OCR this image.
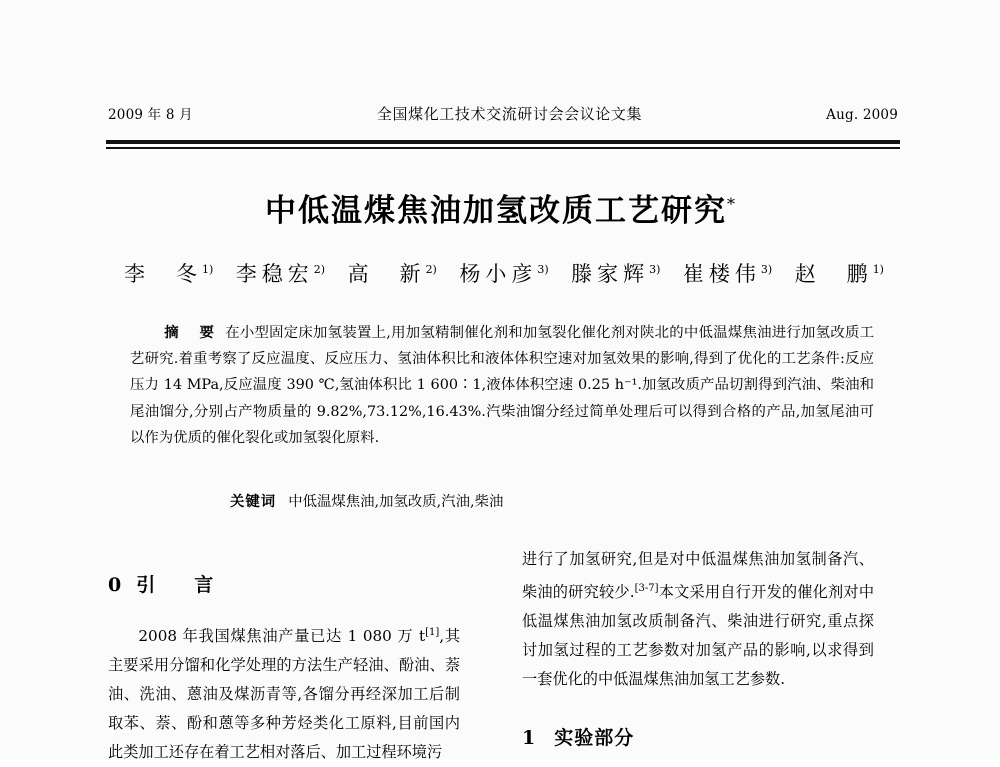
2009 年 8 月	全国煤化工技术交流研讨会会议论文集	Aug. 2009
中低温煤焦油加氢改质工艺研究*
李　冬$^{1)}$ 李稳宏$^{2)}$ 高　新$^{2)}$ 杨小彦$^{3)}$ 滕家辉$^{3)}$ 崔楼伟$^{3)}$ 赵　鹏$^{1)}$
摘　要 在小型固定床加氢装置上,用加氢精制催化剂和加氢裂化催化剂对陕北的中低温煤焦油进行加氢改质工艺研究.着重考察了反应温度、反应压力、氢油体积比和液体体积空速对加氢效果的影响,得到了优化的工艺条件:反应压力 14 MPa,反应温度 390 ℃,氢油体积比 1 600∶1,液体体积空速 0.25 h⁻¹.加氢改质产品切割得到汽油、柴油和尾油馏分,分别占产物质量的 9.82%,73.12%,16.43%.汽柴油馏分经过简单处理后可以得到合格的产品,加氢尾油可以作为优质的催化裂化或加氢裂化原料.
关键词 中低温煤焦油,加氢改质,汽油,柴油
0 引　言

2008 年我国煤焦油产量已达 1 080 万 t[1],其主要采用分馏和化学处理的方法生产轻油、酚油、萘油、洗油、蒽油及煤沥青等,各馏分再经深加工后制取苯、萘、酚和蒽等多种芳烃类化工原料,目前国内此类加工还存在着工艺相对落后、加工过程环境污

进行了加氢研究,但是对中低温煤焦油加氢制备汽、柴油的研究较少.[3-7]本文采用自行开发的催化剂对中低温煤焦油加氢改质制备汽、柴油进行研究,重点探讨加氢过程的工艺参数对加氢产品的影响,以求得到一套优化的中低温煤焦油加氢工艺参数.

1 实验部分
